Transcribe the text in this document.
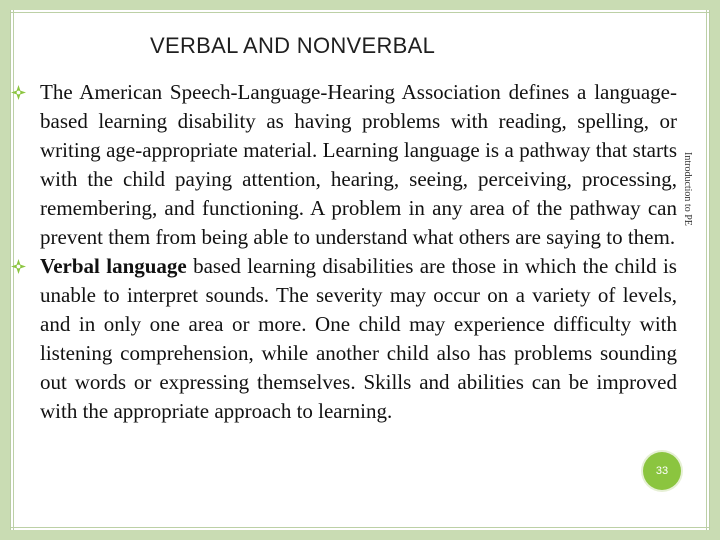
VERBAL AND NONVERBAL
The American Speech-Language-Hearing Association defines a language-based learning disability as having problems with reading, spelling, or writing age-appropriate material. Learning language is a pathway that starts with the child paying attention, hearing, seeing, perceiving, processing, remembering, and functioning. A problem in any area of the pathway can prevent them from being able to understand what others are saying to them.
Verbal language based learning disabilities are those in which the child is unable to interpret sounds. The severity may occur on a variety of levels, and in only one area or more. One child may experience difficulty with listening comprehension, while another child also has problems sounding out words or expressing themselves. Skills and abilities can be improved with the appropriate approach to learning.
Introduction to PE
33
